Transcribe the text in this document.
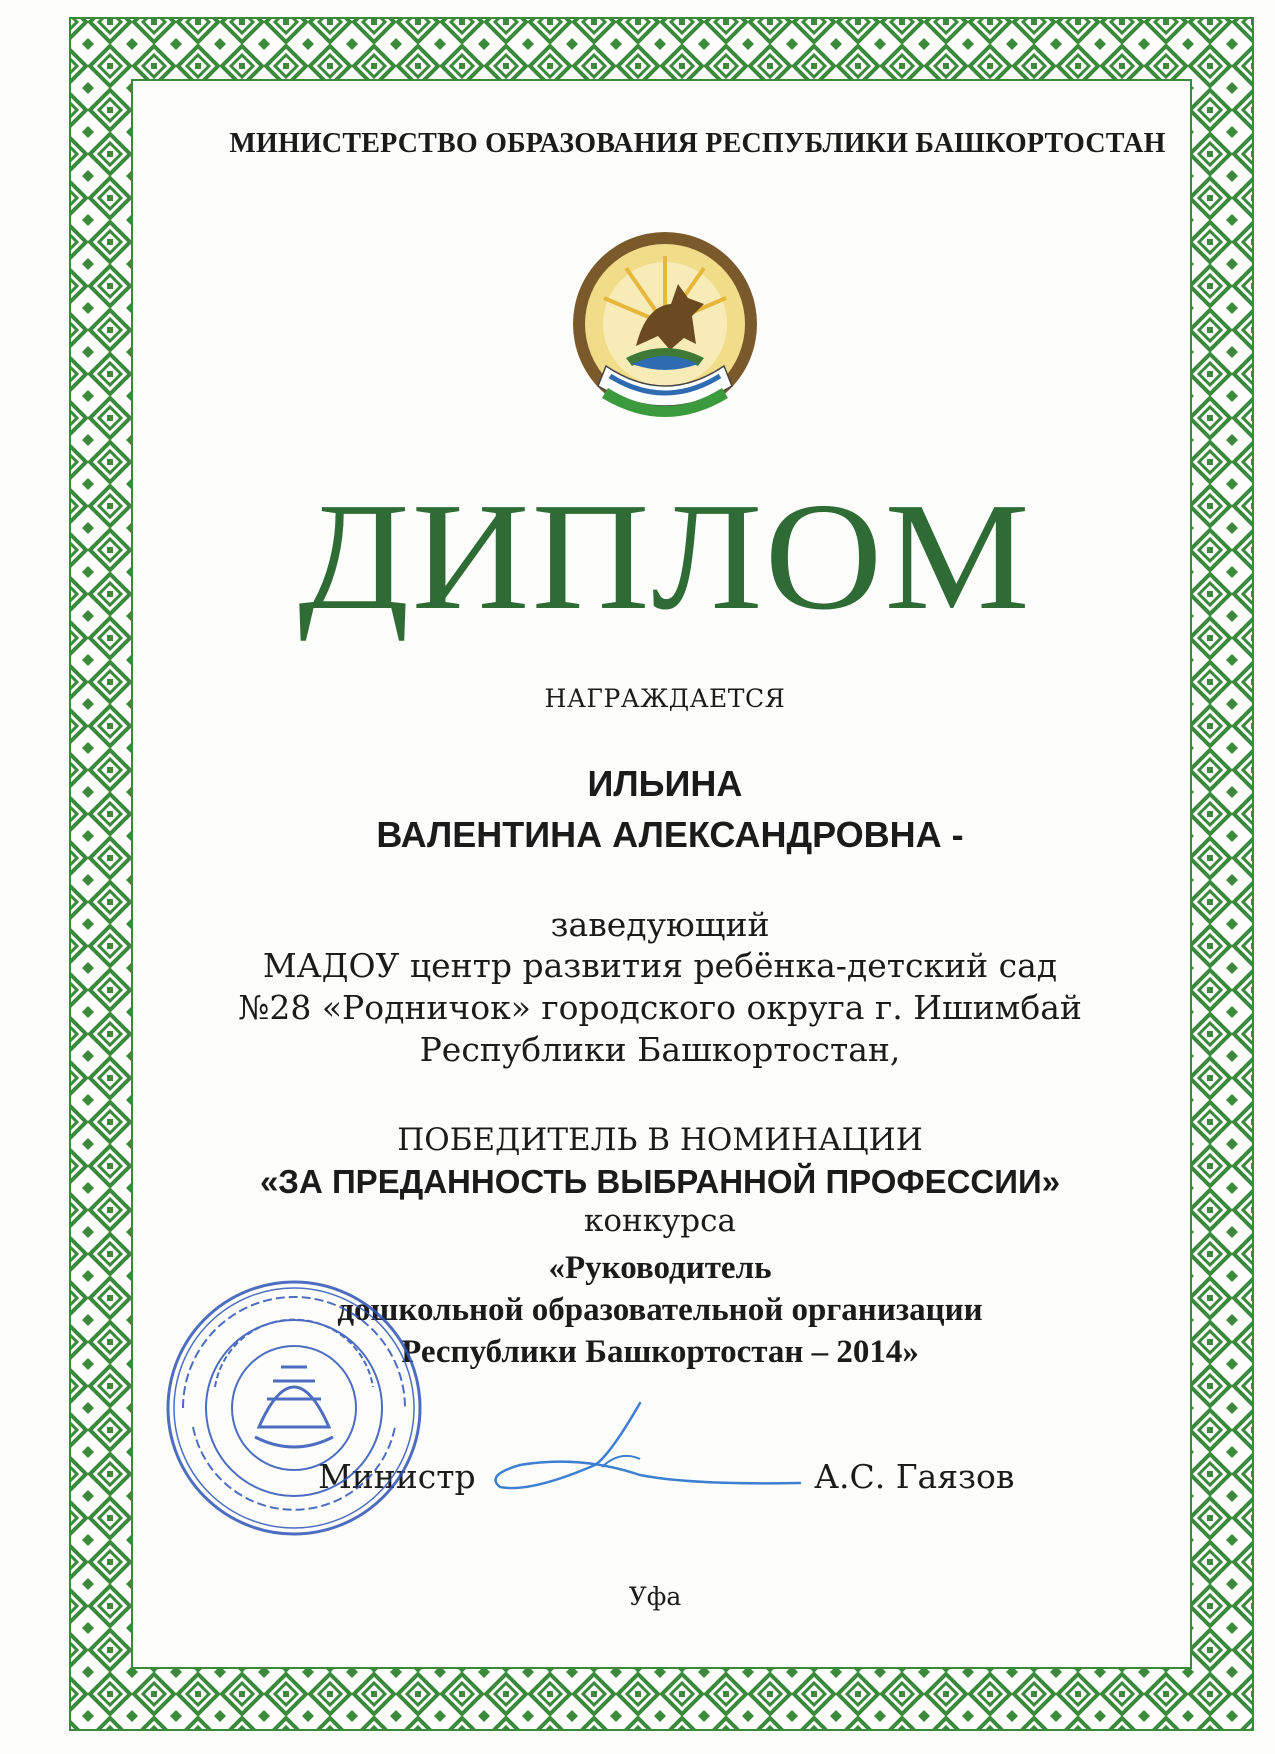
МИНИСТЕРСТВО ОБРАЗОВАНИЯ РЕСПУБЛИКИ БАШКОРТОСТАН
ДИПЛОМ
НАГРАЖДАЕТСЯ
ИЛЬИНА
ВАЛЕНТИНА АЛЕКСАНДРОВНА -
заведующий
МАДОУ центр развития ребёнка-детский сад
№28 «Родничок» городского округа г. Ишимбай
Республики Башкортостан,
ПОБЕДИТЕЛЬ В НОМИНАЦИИ
«ЗА ПРЕДАННОСТЬ ВЫБРАННОЙ ПРОФЕССИИ»
конкурса
«Руководитель
дошкольной образовательной организации
Республики Башкортостан – 2014»
Министр	А.С. Гаязов
Уфа
